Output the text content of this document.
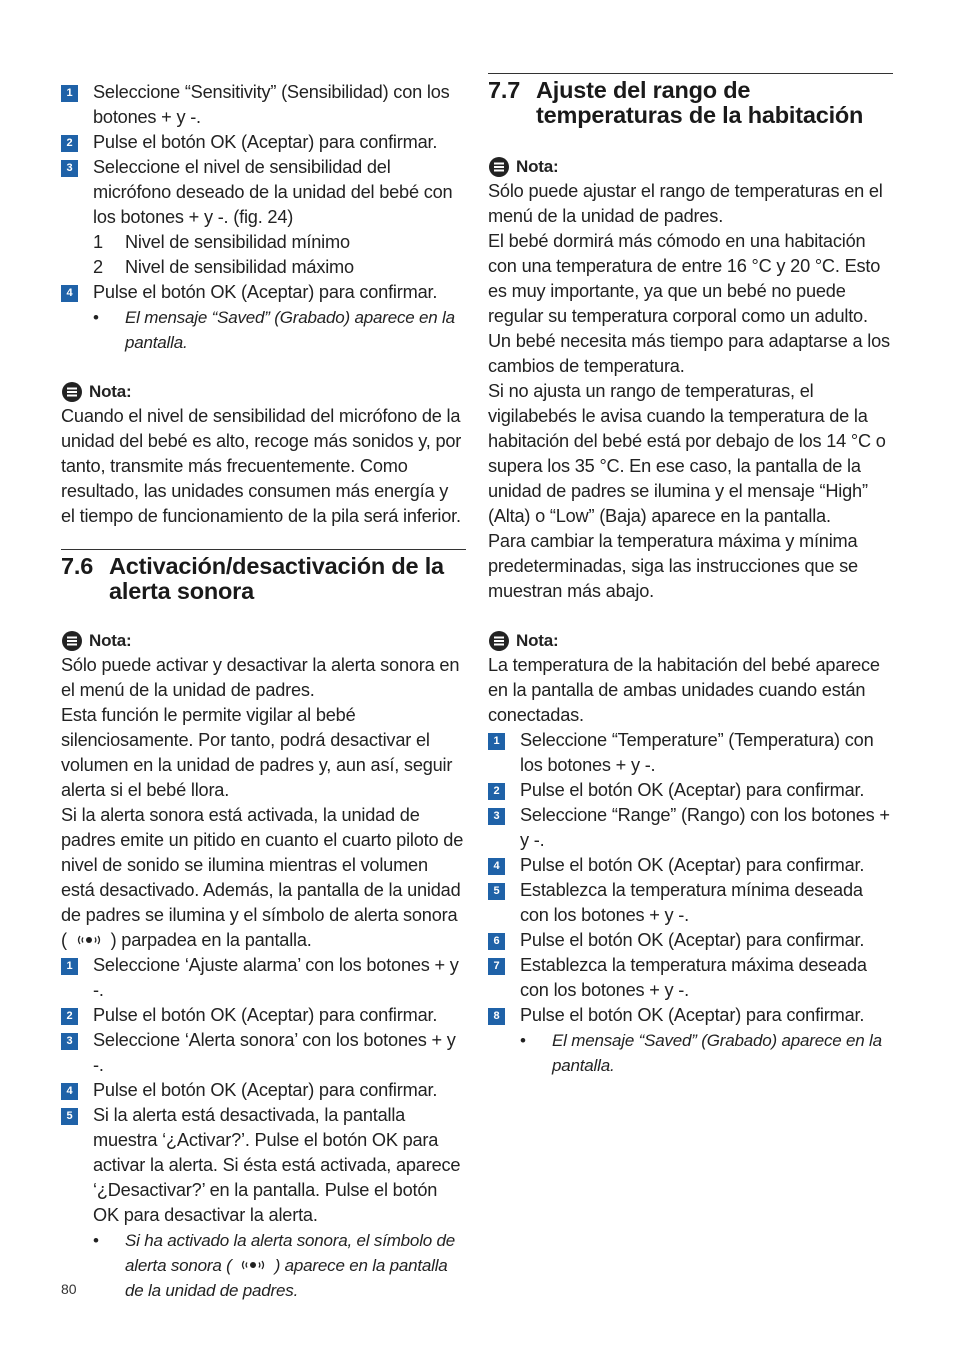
1	Seleccione “Sensitivity” (Sensibilidad) con los botones + y -.
2	Pulse el botón OK (Aceptar) para confirmar.
3	Seleccione el nivel de sensibilidad del micrófono deseado de la unidad del bebé con los botones + y -. (fig. 24)
1 Nivel de sensibilidad mínimo
2 Nivel de sensibilidad máximo
4	Pulse el botón OK (Aceptar) para confirmar.
• El mensaje “Saved” (Grabado) aparece en la pantalla.
Nota:

Cuando el nivel de sensibilidad del micrófono de la unidad del bebé es alto, recoge más sonidos y, por tanto, transmite más frecuentemente. Como resultado, las unidades consumen más energía y el tiempo de funcionamiento de la pila será inferior.

7.6 Activación/desactivación de la alerta sonora
Nota:

Sólo puede activar y desactivar la alerta sonora en el menú de la unidad de padres.

Esta función le permite vigilar al bebé silenciosamente. Por tanto, podrá desactivar el volumen en la unidad de padres y, aun así, seguir alerta si el bebé llora.

Si la alerta sonora está activada, la unidad de padres emite un pitido en cuanto el cuarto piloto de nivel de sonido se ilumina mientras el volumen está desactivado. Además, la pantalla de la unidad de padres se ilumina y el símbolo de alerta sonora ( ) parpadea en la pantalla.

1	Seleccione ‘Ajuste alarma’ con los botones + y -.
2	Pulse el botón OK (Aceptar) para confirmar.
3	Seleccione ‘Alerta sonora’ con los botones + y -.
4	Pulse el botón OK (Aceptar) para confirmar.
5	Si la alerta está desactivada, la pantalla muestra ‘¿Activar?’. Pulse el botón OK para activar la alerta. Si ésta está activada, aparece ‘¿Desactivar?’ en la pantalla. Pulse el botón OK para desactivar la alerta.
• Si ha activado la alerta sonora, el símbolo de alerta sonora (	) aparece en la pantalla de la unidad de padres.
7.7 Ajuste del rango de temperaturas de la habitación
Nota:

Sólo puede ajustar el rango de temperaturas en el menú de la unidad de padres.

El bebé dormirá más cómodo en una habitación con una temperatura de entre 16 °C y 20 °C. Esto es muy importante, ya que un bebé no puede regular su temperatura corporal como un adulto. Un bebé necesita más tiempo para adaptarse a los cambios de temperatura.

Si no ajusta un rango de temperaturas, el vigilabebés le avisa cuando la temperatura de la habitación del bebé está por debajo de los 14 °C o supera los 35 °C. En ese caso, la pantalla de la unidad de padres se ilumina y el mensaje “High” (Alta) o “Low” (Baja) aparece en la pantalla.

Para cambiar la temperatura máxima y mínima predeterminadas, siga las instrucciones que se muestran más abajo.

Nota:

La temperatura de la habitación del bebé aparece en la pantalla de ambas unidades cuando están conectadas.

1	Seleccione “Temperature” (Temperatura) con los botones + y -.
2	Pulse el botón OK (Aceptar) para confirmar.
3	Seleccione “Range” (Rango) con los botones + y -.
4	Pulse el botón OK (Aceptar) para confirmar.
5	Establezca la temperatura mínima deseada con los botones + y -.
6	Pulse el botón OK (Aceptar) para confirmar.
7	Establezca la temperatura máxima deseada con los botones + y -.
8	Pulse el botón OK (Aceptar) para confirmar.
• El mensaje “Saved” (Grabado) aparece en la pantalla.
80
